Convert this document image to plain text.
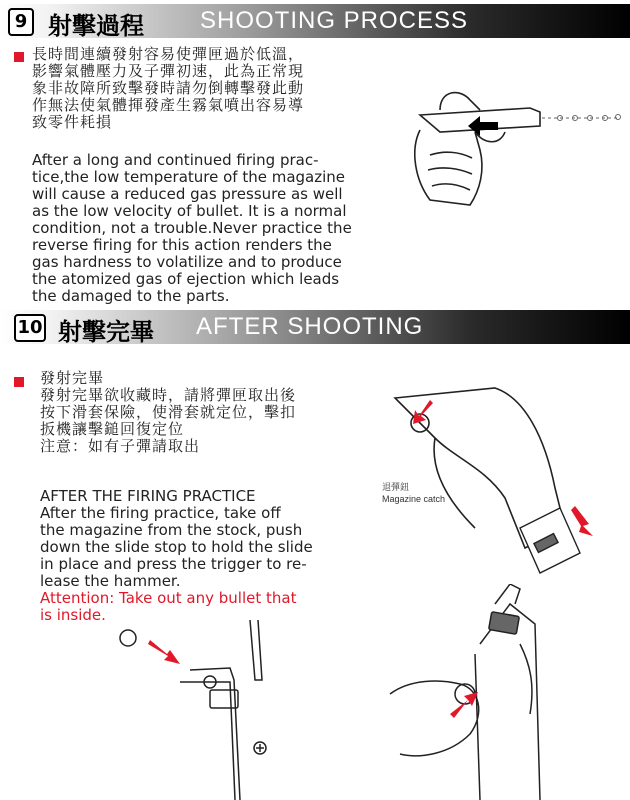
9 射擊過程 SHOOTING PROCESS

長時間連續發射容易使彈匣過於低溫，
影響氣體壓力及子彈初速，此為正常現
象非故障所致擊發時請勿倒轉擊發此動
作無法使氣體揮發產生霧氣噴出容易導
致零件耗損

After a long and continued firing prac-
tice,the low temperature of the magazine
will cause a reduced gas pressure as well
as the low velocity of bullet. It is a normal
condition, not a trouble.Never practice the
reverse firing for this action renders the
gas hardness to volatilize and to produce
the atomized gas of ejection which leads
the damaged to the parts.

10 射擊完畢 AFTER SHOOTING

發射完畢
發射完畢欲收藏時，請將彈匣取出後
按下滑套保險，使滑套就定位，擊扣
扳機讓擊鎚回復定位
注意：如有子彈請取出

AFTER THE FIRING PRACTICE
After the firing practice, take off
the magazine from the stock, push
down the slide stop to hold the slide
in place and press the trigger to re-
lease the hammer.

Attention: Take out any bullet that
is inside.

退彈鈕
Magazine catch
